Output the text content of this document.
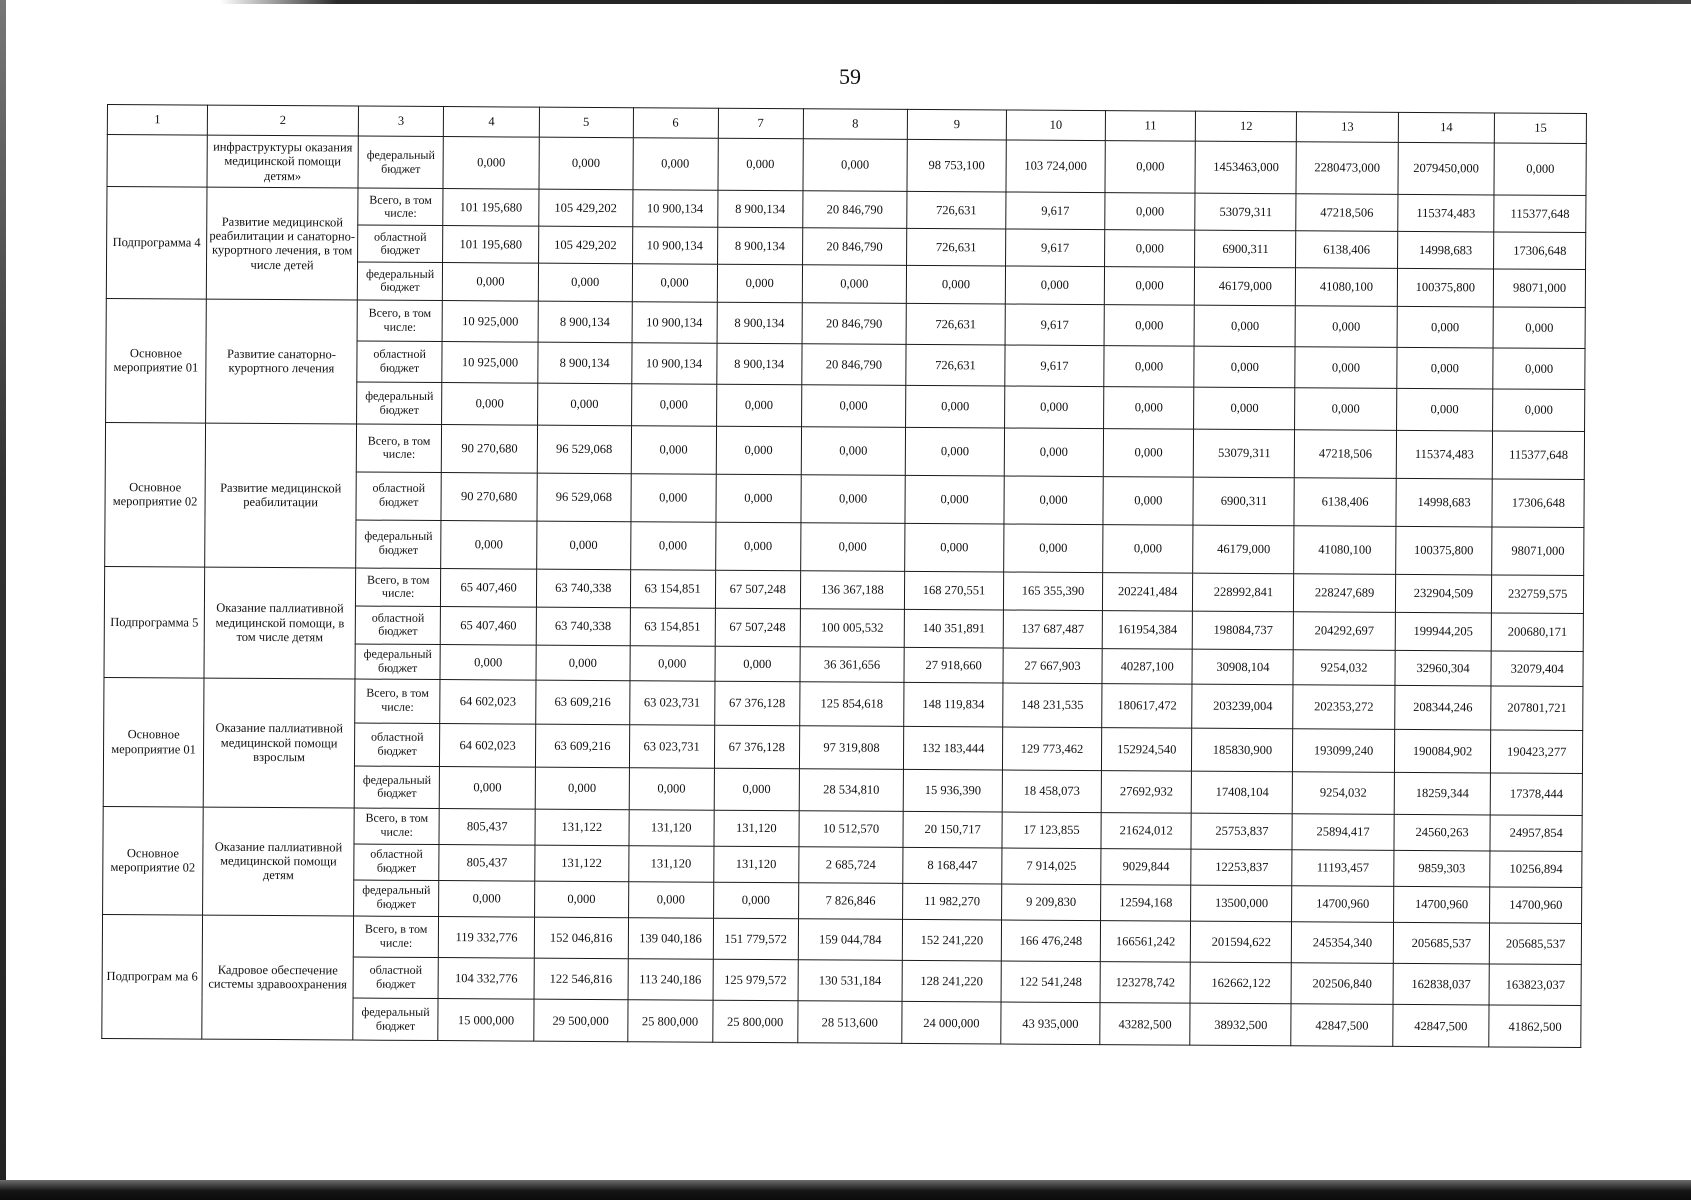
59
1	2	3	4	5	6	7	8	9	10	11	12	13	14	15
	инфраструктуры оказания медицинской помощи детям»	федеральный бюджет	0,000	0,000	0,000	0,000	0,000	98 753,100	103 724,000	0,000	1453463,000	2280473,000	2079450,000	0,000
Подпрограмма 4	Развитие медицинской реабилитации и санаторно-курортного лечения, в том числе детей	Всего, в том числе:	101 195,680	105 429,202	10 900,134	8 900,134	20 846,790	726,631	9,617	0,000	53079,311	47218,506	115374,483	115377,648
		областной бюджет	101 195,680	105 429,202	10 900,134	8 900,134	20 846,790	726,631	9,617	0,000	6900,311	6138,406	14998,683	17306,648
		федеральный бюджет	0,000	0,000	0,000	0,000	0,000	0,000	0,000	0,000	46179,000	41080,100	100375,800	98071,000
Основное мероприятие 01	Развитие санаторно-курортного лечения	Всего, в том числе:	10 925,000	8 900,134	10 900,134	8 900,134	20 846,790	726,631	9,617	0,000	0,000	0,000	0,000	0,000
		областной бюджет	10 925,000	8 900,134	10 900,134	8 900,134	20 846,790	726,631	9,617	0,000	0,000	0,000	0,000	0,000
		федеральный бюджет	0,000	0,000	0,000	0,000	0,000	0,000	0,000	0,000	0,000	0,000	0,000	0,000
Основное мероприятие 02	Развитие медицинской реабилитации	Всего, в том числе:	90 270,680	96 529,068	0,000	0,000	0,000	0,000	0,000	0,000	53079,311	47218,506	115374,483	115377,648
		областной бюджет	90 270,680	96 529,068	0,000	0,000	0,000	0,000	0,000	0,000	6900,311	6138,406	14998,683	17306,648
		федеральный бюджет	0,000	0,000	0,000	0,000	0,000	0,000	0,000	0,000	46179,000	41080,100	100375,800	98071,000
Подпрограмма 5	Оказание паллиативной медицинской помощи, в том числе детям	Всего, в том числе:	65 407,460	63 740,338	63 154,851	67 507,248	136 367,188	168 270,551	165 355,390	202241,484	228992,841	228247,689	232904,509	232759,575
		областной бюджет	65 407,460	63 740,338	63 154,851	67 507,248	100 005,532	140 351,891	137 687,487	161954,384	198084,737	204292,697	199944,205	200680,171
		федеральный бюджет	0,000	0,000	0,000	0,000	36 361,656	27 918,660	27 667,903	40287,100	30908,104	9254,032	32960,304	32079,404
Основное мероприятие 01	Оказание паллиативной медицинской помощи взрослым	Всего, в том числе:	64 602,023	63 609,216	63 023,731	67 376,128	125 854,618	148 119,834	148 231,535	180617,472	203239,004	202353,272	208344,246	207801,721
		областной бюджет	64 602,023	63 609,216	63 023,731	67 376,128	97 319,808	132 183,444	129 773,462	152924,540	185830,900	193099,240	190084,902	190423,277
		федеральный бюджет	0,000	0,000	0,000	0,000	28 534,810	15 936,390	18 458,073	27692,932	17408,104	9254,032	18259,344	17378,444
Основное мероприятие 02	Оказание паллиативной медицинской помощи детям	Всего, в том числе:	805,437	131,122	131,120	131,120	10 512,570	20 150,717	17 123,855	21624,012	25753,837	25894,417	24560,263	24957,854
		областной бюджет	805,437	131,122	131,120	131,120	2 685,724	8 168,447	7 914,025	9029,844	12253,837	11193,457	9859,303	10256,894
		федеральный бюджет	0,000	0,000	0,000	0,000	7 826,846	11 982,270	9 209,830	12594,168	13500,000	14700,960	14700,960	14700,960
Подпрограм ма 6	Кадровое обеспечение системы здравоохранения	Всего, в том числе:	119 332,776	152 046,816	139 040,186	151 779,572	159 044,784	152 241,220	166 476,248	166561,242	201594,622	245354,340	205685,537	205685,537
		областной бюджет	104 332,776	122 546,816	113 240,186	125 979,572	130 531,184	128 241,220	122 541,248	123278,742	162662,122	202506,840	162838,037	163823,037
		федеральный бюджет	15 000,000	29 500,000	25 800,000	25 800,000	28 513,600	24 000,000	43 935,000	43282,500	38932,500	42847,500	42847,500	41862,500
